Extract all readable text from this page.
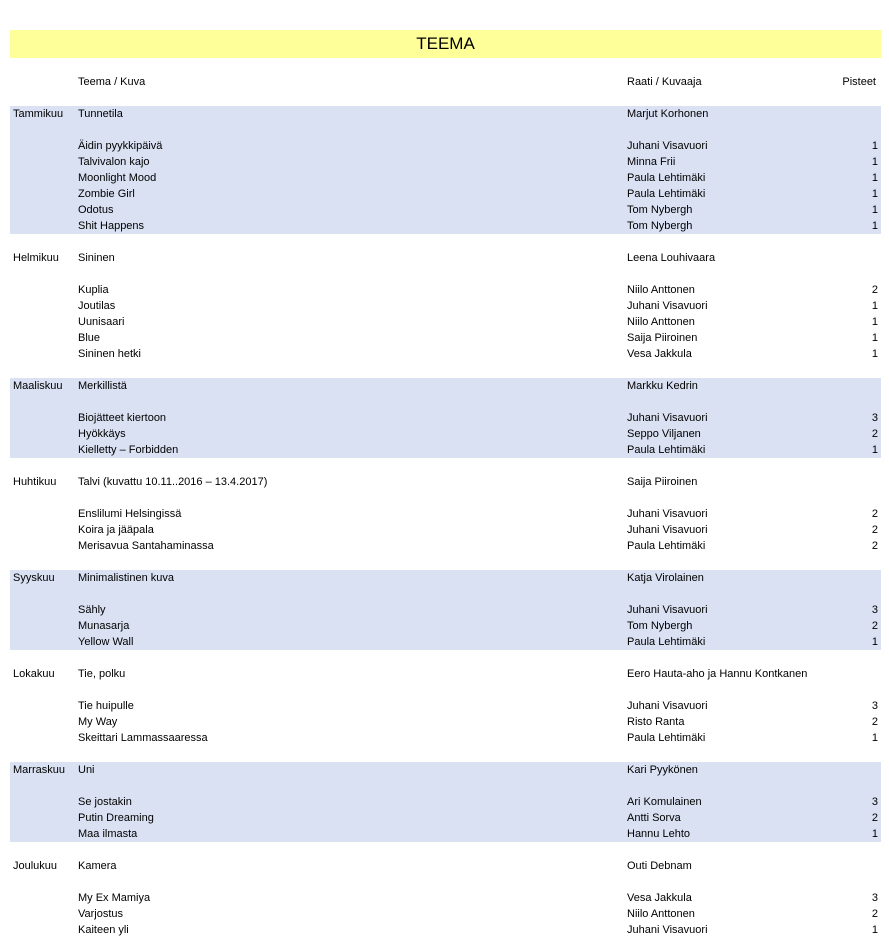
TEEMA
Teema / Kuva	Raati / Kuvaaja	Pisteet
Tammikuu Tunnetila	Marjut Korhonen
Äidin pyykkipäivä	Juhani Visavuori	1
Talvivalon kajo	Minna Frii	1
Moonlight Mood	Paula Lehtimäki	1
Zombie Girl	Paula Lehtimäki	1
Odotus	Tom Nybergh	1
Shit Happens	Tom Nybergh	1
Helmikuu Sininen	Leena Louhivaara
Kuplia	Niilo Anttonen	2
Joutilas	Juhani Visavuori	1
Uunisaari	Niilo Anttonen	1
Blue	Saija Piiroinen	1
Sininen hetki	Vesa Jakkula	1
Maaliskuu Merkillistä	Markku Kedrin
Biojätteet kiertoon	Juhani Visavuori	3
Hyökkäys	Seppo Viljanen	2
Kielletty – Forbidden	Paula Lehtimäki	1
Huhtikuu Talvi (kuvattu 10.11..2016 – 13.4.2017)	Saija Piiroinen
Enslilumi Helsingissä	Juhani Visavuori	2
Koira ja jääpala	Juhani Visavuori	2
Merisavua Santahaminassa	Paula Lehtimäki	2
Syyskuu Minimalistinen kuva	Katja Virolainen
Sähly	Juhani Visavuori	3
Munasarja	Tom Nybergh	2
Yellow Wall	Paula Lehtimäki	1
Lokakuu Tie, polku	Eero Hauta-aho ja Hannu Kontkanen
Tie huipulle	Juhani Visavuori	3
My Way	Risto Ranta	2
Skeittari Lammassaaressa	Paula Lehtimäki	1
Marraskuu Uni	Kari Pyykönen
Se jostakin	Ari Komulainen	3
Putin Dreaming	Antti Sorva	2
Maa ilmasta	Hannu Lehto	1
Joulukuu Kamera	Outi Debnam
My Ex Mamiya	Vesa Jakkula	3
Varjostus	Niilo Anttonen	2
Kaiteen yli	Juhani Visavuori	1
